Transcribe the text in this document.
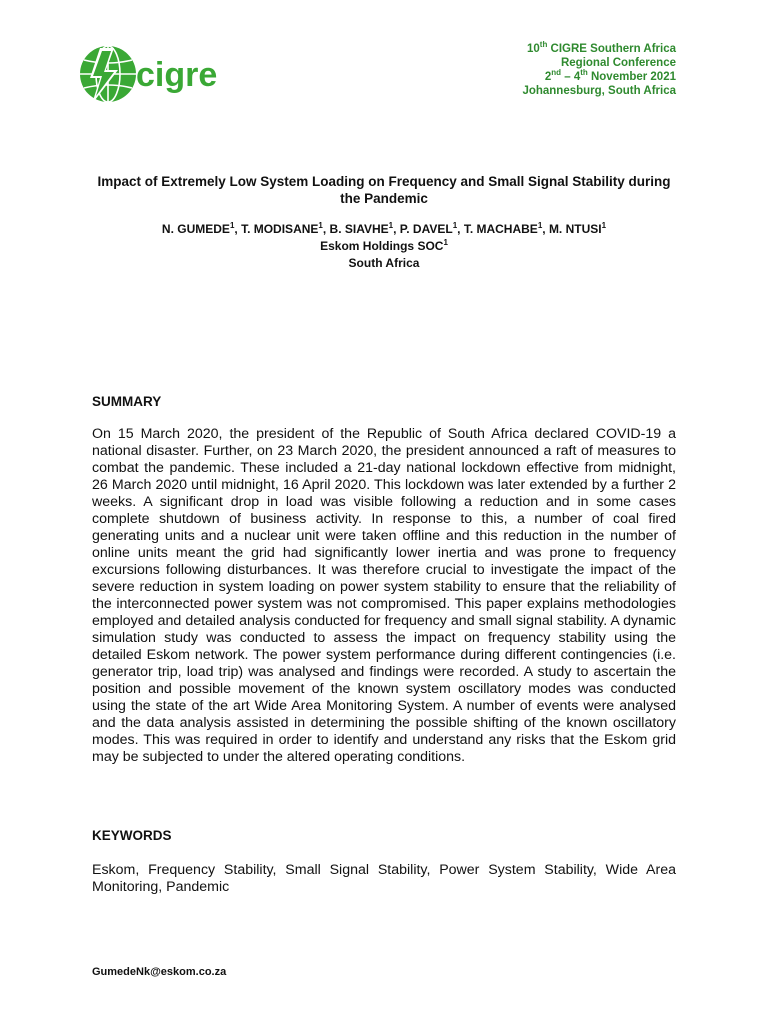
cigre
10th CIGRE Southern Africa
Regional Conference
2nd – 4th November 2021
Johannesburg, South Africa
Impact of Extremely Low System Loading on Frequency and Small Signal Stability during the Pandemic
N. GUMEDE$^1$, T. MODISANE$^1$, B. SIAVHE$^1$, P. DAVEL$^1$, T. MACHABE$^1$, M. NTUSI$^1$
Eskom Holdings SOC$^1$
South Africa
SUMMARY

On 15 March 2020, the president of the Republic of South Africa declared COVID-19 a national disaster. Further, on 23 March 2020, the president announced a raft of measures to combat the pandemic. These included a 21-day national lockdown effective from midnight, 26 March 2020 until midnight, 16 April 2020. This lockdown was later extended by a further 2 weeks. A significant drop in load was visible following a reduction and in some cases complete shutdown of business activity. In response to this, a number of coal fired generating units and a nuclear unit were taken offline and this reduction in the number of online units meant the grid had significantly lower inertia and was prone to frequency excursions following disturbances. It was therefore crucial to investigate the impact of the severe reduction in system loading on power system stability to ensure that the reliability of the interconnected power system was not compromised. This paper explains methodologies employed and detailed analysis conducted for frequency and small signal stability. A dynamic simulation study was conducted to assess the impact on frequency stability using the detailed Eskom network. The power system performance during different contingencies (i.e. generator trip, load trip) was analysed and findings were recorded. A study to ascertain the position and possible movement of the known system oscillatory modes was conducted using the state of the art Wide Area Monitoring System. A number of events were analysed and the data analysis assisted in determining the possible shifting of the known oscillatory modes. This was required in order to identify and understand any risks that the Eskom grid may be subjected to under the altered operating conditions.

KEYWORDS

Eskom, Frequency Stability, Small Signal Stability, Power System Stability, Wide Area Monitoring, Pandemic

GumedeNk@eskom.co.za
